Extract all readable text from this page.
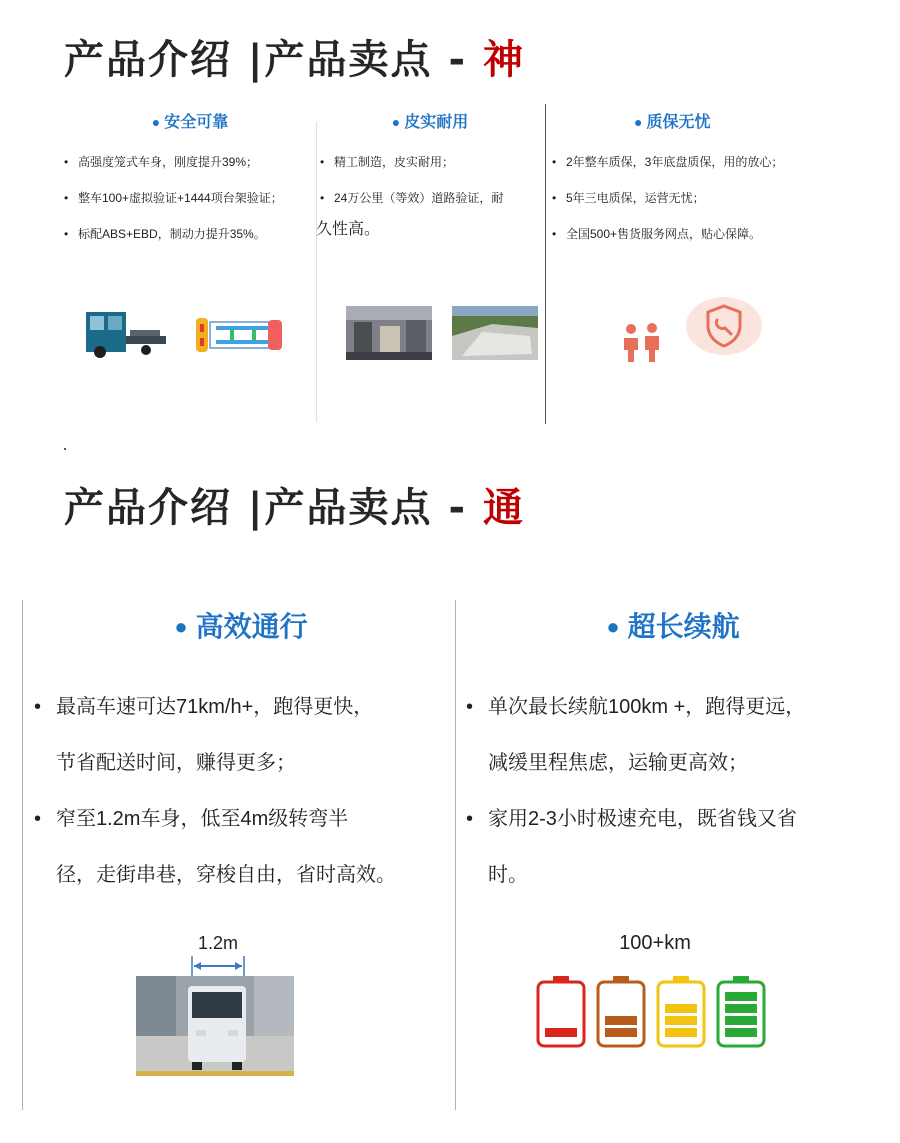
产品介绍 |产品卖点 - 神
● 安全可靠
• 高强度笼式车身，刚度提升39%；
• 整车100+虚拟验证+1444项台架验证；
• 标配ABS+EBD，制动力提升35%。
● 皮实耐用
• 精工制造，皮实耐用；
• 24万公里（等效）道路验证，耐
久性高。
● 质保无忧
• 2年整车质保，3年底盘质保，用的放心；
• 5年三电质保，运营无忧；
• 全国500+售货服务网点，贴心保障。
产品介绍 |产品卖点 - 通
● 高效通行
• 最高车速可达71km/h+，跑得更快，
节省配送时间，赚得更多；
• 窄至1.2m车身，低至4m级转弯半
径，走街串巷，穿梭自由，省时高效。
● 超长续航
• 单次最长续航100km +，跑得更远，
减缓里程焦虑，运输更高效；
• 家用2-3小时极速充电，既省钱又省
时。
1.2m	100+km
